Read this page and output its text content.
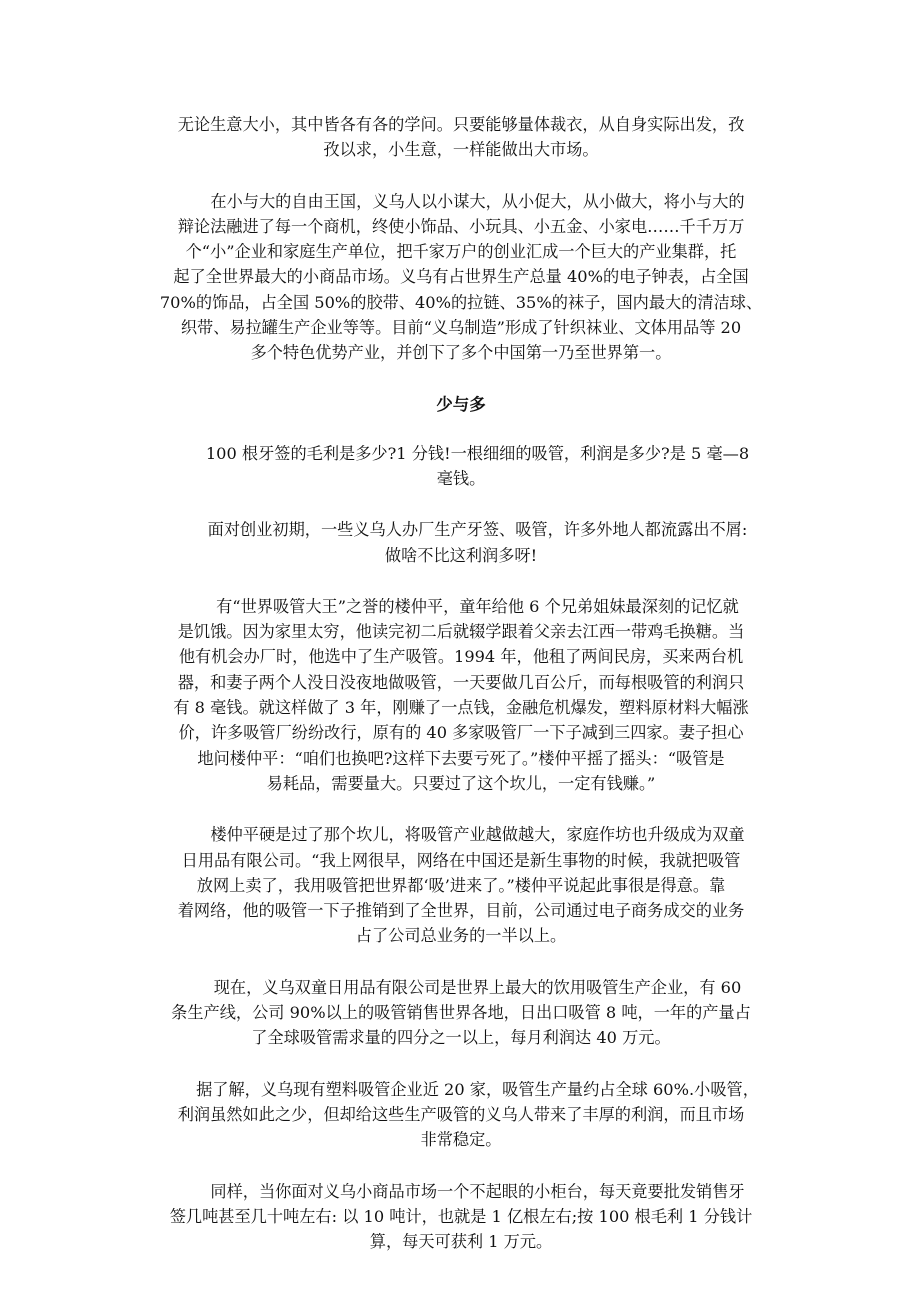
无论生意大小，其中皆各有各的学问。只要能够量体裁衣，从自身实际出发，孜
孜以求，小生意，一样能做出大市场。

在小与大的自由王国，义乌人以小谋大，从小促大，从小做大，将小与大的
辩论法融进了每一个商机，终使小饰品、小玩具、小五金、小家电……千千万万
个“小”企业和家庭生产单位，把千家万户的创业汇成一个巨大的产业集群，托
起了全世界最大的小商品市场。义乌有占世界生产总量 40%的电子钟表，占全国
70%的饰品，占全国 50%的胶带、40%的拉链、35%的袜子，国内最大的清洁球、
织带、易拉罐生产企业等等。目前“义乌制造”形成了针织袜业、文体用品等 20
多个特色优势产业，并创下了多个中国第一乃至世界第一。

少与多

100 根牙签的毛利是多少?1 分钱!一根细细的吸管，利润是多少?是 5 毫—8
毫钱。

面对创业初期，一些义乌人办厂生产牙签、吸管，许多外地人都流露出不屑:
做啥不比这利润多呀!

有“世界吸管大王”之誉的楼仲平，童年给他 6 个兄弟姐妹最深刻的记忆就
是饥饿。因为家里太穷，他读完初二后就辍学跟着父亲去江西一带鸡毛换糖。当
他有机会办厂时，他选中了生产吸管。1994 年，他租了两间民房，买来两台机
器，和妻子两个人没日没夜地做吸管，一天要做几百公斤，而每根吸管的利润只
有 8 毫钱。就这样做了 3 年，刚赚了一点钱，金融危机爆发，塑料原材料大幅涨
价，许多吸管厂纷纷改行，原有的 40 多家吸管厂一下子减到三四家。妻子担心
地问楼仲平：“咱们也换吧?这样下去要亏死了。”楼仲平摇了摇头：“吸管是
易耗品，需要量大。只要过了这个坎儿，一定有钱赚。”

楼仲平硬是过了那个坎儿，将吸管产业越做越大，家庭作坊也升级成为双童
日用品有限公司。“我上网很早，网络在中国还是新生事物的时候，我就把吸管
放网上卖了，我用吸管把世界都‘吸’进来了。”楼仲平说起此事很是得意。靠
着网络，他的吸管一下子推销到了全世界，目前，公司通过电子商务成交的业务
占了公司总业务的一半以上。

现在，义乌双童日用品有限公司是世界上最大的饮用吸管生产企业，有 60
条生产线，公司 90%以上的吸管销售世界各地，日出口吸管 8 吨，一年的产量占
了全球吸管需求量的四分之一以上，每月利润达 40 万元。

据了解，义乌现有塑料吸管企业近 20 家，吸管生产量约占全球 60%.小吸管，
利润虽然如此之少，但却给这些生产吸管的义乌人带来了丰厚的利润，而且市场
非常稳定。

同样，当你面对义乌小商品市场一个不起眼的小柜台，每天竟要批发销售牙
签几吨甚至几十吨左右: 以 10 吨计，也就是 1 亿根左右;按 100 根毛利 1 分钱计
算，每天可获利 1 万元。
